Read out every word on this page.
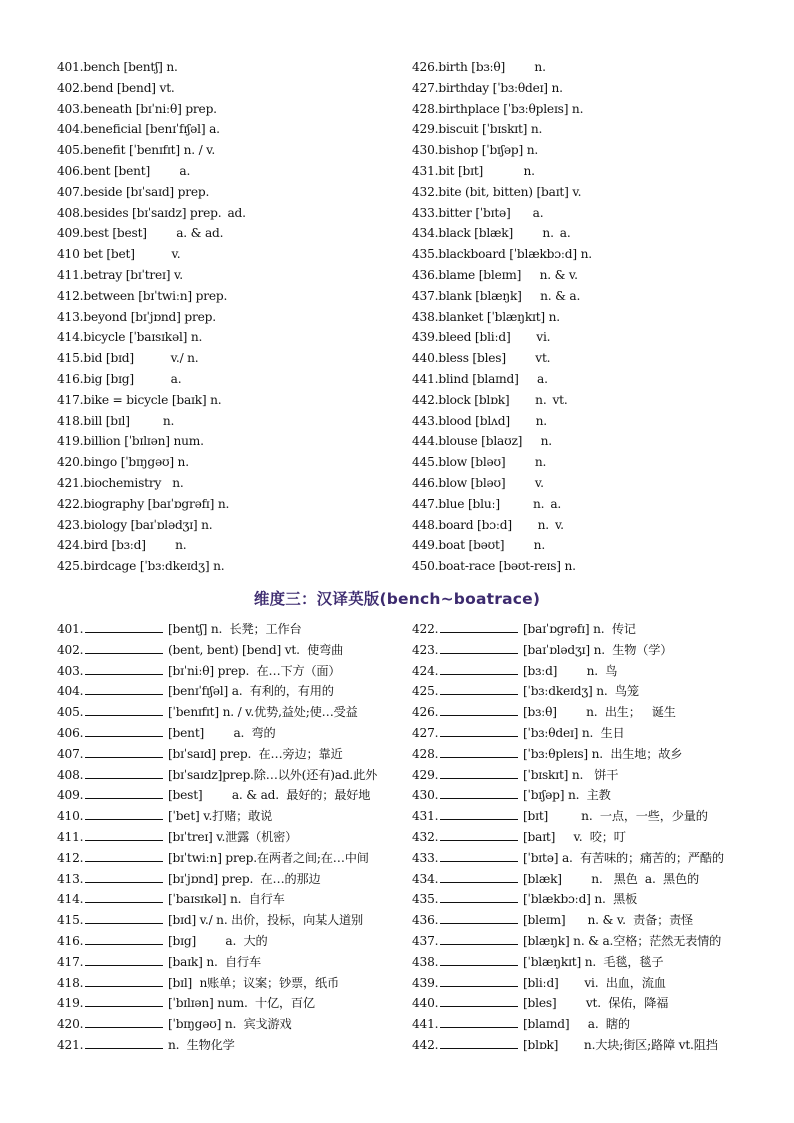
401.bench [bentʃ] n.
402.bend [bend] vt.
403.beneath [bɪˈniːθ] prep.
404.beneficial [benɪˈfɪʃəl] a.
405.benefit [ˈbenɪfɪt] n. / v.
406.bent [bent]        a.
407.beside [bɪˈsaɪd] prep.
408.besides [bɪˈsaɪdz] prep. ad.
409.best [best]        a. & ad.
410 bet [bet]          v.
411.betray [bɪˈtreɪ] v.
412.between [bɪˈtwiːn] prep.
413.beyond [bɪˈjɒnd] prep.
414.bicycle [ˈbaɪsɪkəl] n.
415.bid [bɪd]          v./ n.
416.big [bɪg]          a.
417.bike = bicycle [baɪk] n.
418.bill [bɪl]         n.
419.billion [ˈbɪlɪən] num.
420.bingo [ˈbɪŋgəʊ] n.
421.biochemistry   n.
422.biography [baɪˈɒgrəfɪ] n.
423.biology [baɪˈɒlədʒɪ] n.
424.bird [bɜːd]        n.
425.birdcage [ˈbɜːdkeɪdʒ] n.
426.birth [bɜːθ]        n.
427.birthday [ˈbɜːθdeɪ] n.
428.birthplace [ˈbɜːθpleɪs] n.
429.biscuit [ˈbɪskɪt] n.
430.bishop [ˈbɪʃəp] n.
431.bit [bɪt]           n.
432.bite (bit, bitten) [baɪt] v.
433.bitter [ˈbɪtə]      a.
434.black [blæk]        n. a.
435.blackboard [ˈblækbɔːd] n.
436.blame [bleɪm]     n. & v.
437.blank [blæŋk]     n. & a.
438.blanket [ˈblæŋkɪt] n.
439.bleed [bliːd]       vi.
440.bless [bles]        vt.
441.blind [blaɪnd]     a.
442.block [blɒk]       n. vt.
443.blood [blʌd]       n.
444.blouse [blaʊz]     n.
445.blow [bləʊ]        n.
446.blow [bləʊ]        v.
447.blue [bluː]         n. a.
448.board [bɔːd]       n. v.
449.boat [bəʊt]        n.
450.boat-race [bəʊt-reɪs] n.
维度三：汉译英版(bench~boatrace)
401.	[bentʃ] n.  长凳；工作台
402.	(bent, bent) [bend] vt.  使弯曲
403.	[bɪˈniːθ] prep.  在…下方（面）
404.	[benɪˈfɪʃəl] a.  有利的，有用的
405.	[ˈbenɪfɪt] n. / v.优势,益处;使…受益
406.	[bent]        a.  弯的
407.	[bɪˈsaɪd] prep.  在…旁边；靠近
408.	[bɪˈsaɪdz]prep.除…以外(还有)ad.此外
409.	[best]        a. & ad.  最好的；最好地
410.	[ˈbet] v.打赌；敢说
411.	[bɪˈtreɪ] v.泄露（机密）
412.	[bɪˈtwiːn] prep.在两者之间;在…中间
413.	[bɪˈjɒnd] prep.  在…的那边
414.	[ˈbaɪsɪkəl] n.  自行车
415.	[bɪd] v./ n. 出价，投标，向某人道别
416.	[bɪg]        a.  大的
417.	[baɪk] n.  自行车
418.	[bɪl]  n账单；议案；钞票，纸币
419.	[ˈbɪlɪən] num.  十亿，百亿
420.	[ˈbɪŋgəʊ] n.  宾戈游戏
421.	n.  生物化学
422.	[baɪˈɒgrəfɪ] n.  传记
423.	[baɪˈɒlədʒɪ] n.  生物（学）
424.	[bɜːd]        n.  鸟
425.	[ˈbɜːdkeɪdʒ] n.  鸟笼
426.	[bɜːθ]        n.  出生；   诞生
427.	[ˈbɜːθdeɪ] n.  生日
428.	[ˈbɜːθpleɪs] n.  出生地；故乡
429.	[ˈbɪskɪt] n.   饼干
430.	[ˈbɪʃəp] n.  主教
431.	[bɪt]         n.  一点，一些，少量的
432.	[baɪt]     v.  咬；叮
433.	[ˈbɪtə] a.  有苦味的；痛苦的；严酷的
434.	[blæk]        n.   黑色  a.  黑色的
435.	[ˈblækbɔːd] n.  黑板
436.	[bleɪm]      n. & v.  责备；责怪
437.	[blæŋk] n. & a.空格；茫然无表情的
438.	[ˈblæŋkɪt] n.  毛毯，毯子
439.	[bliːd]       vi.  出血，流血
440.	[bles]        vt.  保佑，降福
441.	[blaɪnd]     a.  瞎的
442.	[blɒk]       n.大块;街区;路障 vt.阻挡
